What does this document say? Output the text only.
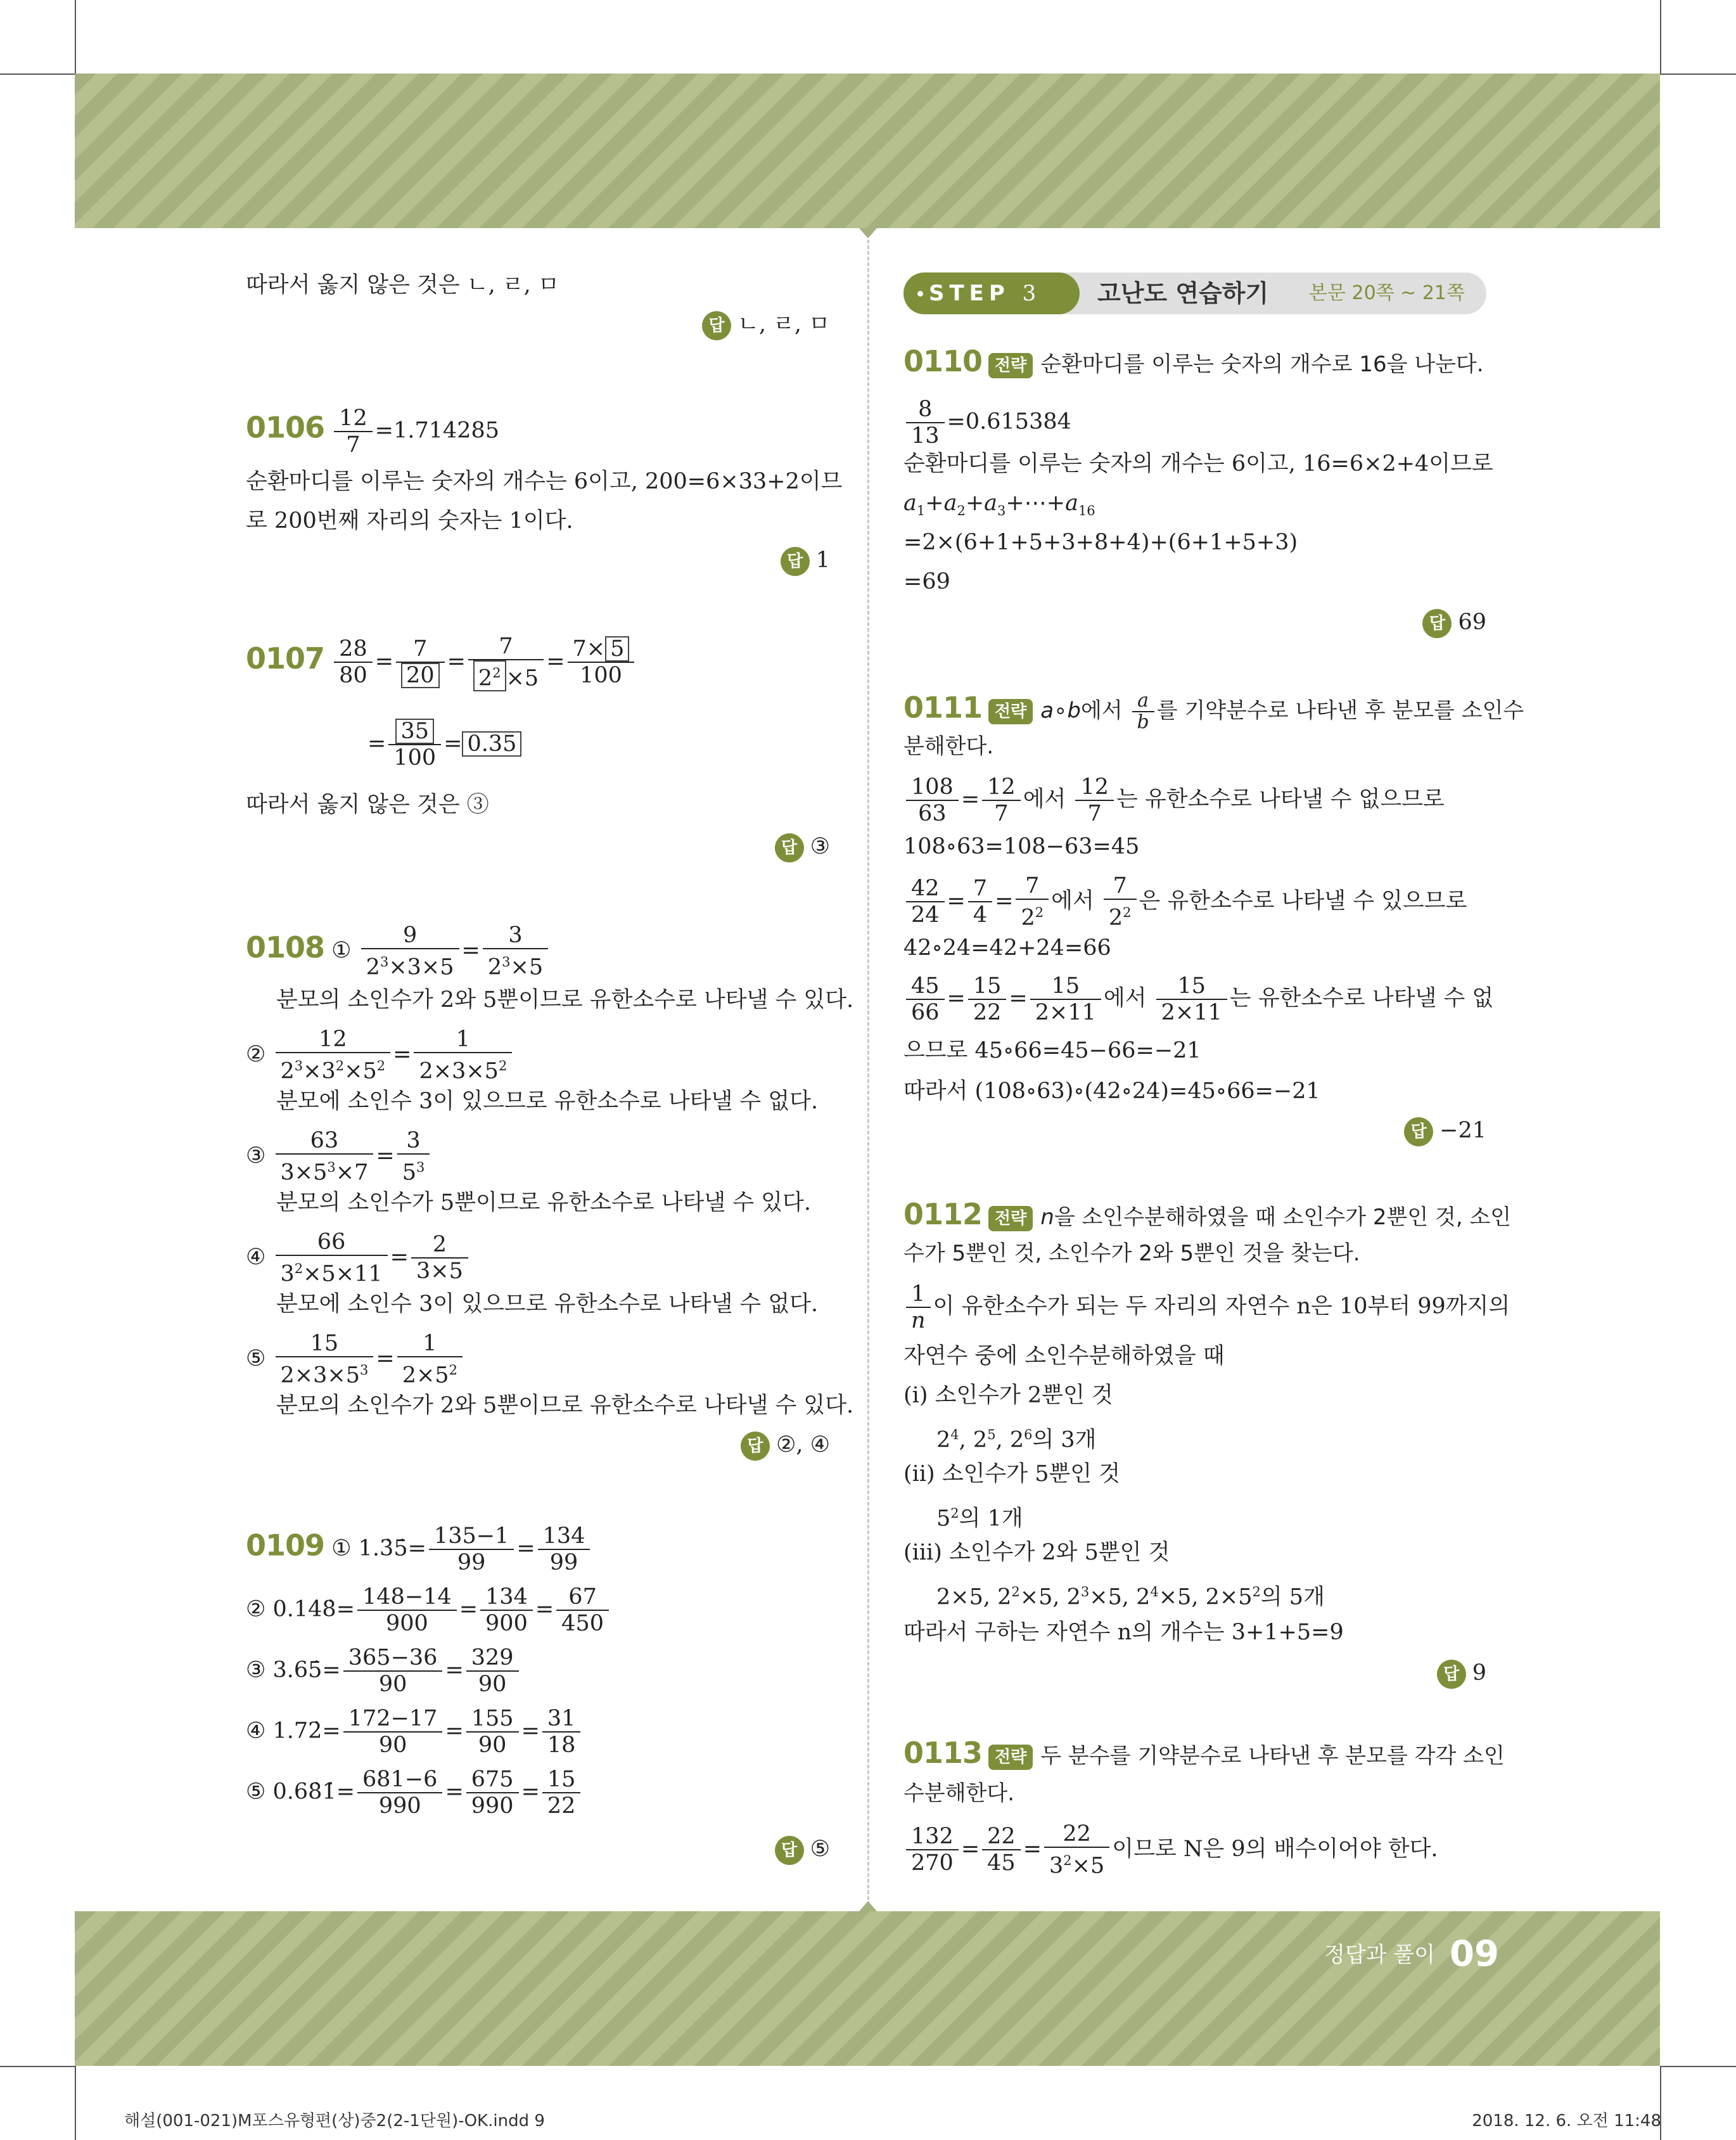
따라서 옳지 않은 것은 ㄴ, ㄹ, ㅁ
답 ㄴ, ㄹ, ㅁ
$0106 \frac{12}{7} =1.714285$
순환마디를 이루는 숫자의 개수는 6이고, 200=6×33+2이므
로 200번째 자리의 숫자는 1이다.
답 1
$0107 \frac{28}{80} = \frac{7}{20} = \frac{7}{2^2 \times 5} = \frac{7\times 5}{100}$
= $\frac{35}{100} = 0.35$
따라서 옳지 않은 것은 ③
답 ③
0108 ① $\frac{9}{2^3\times 3\times 5} = \frac{3}{2^3\times 5}$
분모의 소인수가 2와 5뿐이므로 유한소수로 나타낼 수 있다.
② $\frac{12}{2^3\times 3^2\times 5^2} = \frac{1}{2\times 3\times 5^2}$
분모에 소인수 3이 있으므로 유한소수로 나타낼 수 없다.
③ $\frac{63}{3\times 5^3\times 7} = \frac{3}{5^3}$
분모의 소인수가 5뿐이므로 유한소수로 나타낼 수 있다.
④ $\frac{66}{3^2\times 5\times 11} = \frac{2}{3\times 5}$
분모에 소인수 3이 있으므로 유한소수로 나타낼 수 없다.
⑤ $\frac{15}{2\times 3\times 5^3} = \frac{1}{2\times 5^2}$
분모의 소인수가 2와 5뿐이므로 유한소수로 나타낼 수 있다.
답 ②, ④
0109 ① 1.3̇5̇= $\frac{135-1}{99} = \frac{134}{99}$
② 0.14̇8̇= $\frac{148-14}{900} = \frac{134}{900} = \frac{67}{450}$
③ 3.65̇= $\frac{365-36}{90} = \frac{329}{90}$
④ 1.72̇= $\frac{172-17}{90} = \frac{155}{90} = \frac{31}{18}$
⑤ 0.68̇1̇= $\frac{681-6}{990} = \frac{675}{990} = \frac{15}{22}$
답 ⑤
STEP 3	고난도 연습하기 본문 20쪽 ~ 21쪽
0110 전략 순환마디를 이루는 숫자의 개수로 16을 나눈다.
$\frac{8}{13} =0.615384$
순환마디를 이루는 숫자의 개수는 6이고, 16=6×2+4이므로
$a_1+a_2+a_3+\cdots+a_{16}$
=2×(6+1+5+3+8+4)+(6+1+5+3)
=69
답 69
0111 전략 a∘b에서 $\frac{a}{b}$ 를 기약분수로 나타낸 후 분모를 소인수
분해한다.
$\frac{108}{63} = \frac{12}{7}$ 에서 $\frac{12}{7}$ 는 유한소수로 나타낼 수 없으므로
108∘63=108−63=45
$\frac{42}{24} = \frac{7}{4} = \frac{7}{2^2}$ 에서 $\frac{7}{2^2}$ 은 유한소수로 나타낼 수 있으므로
42∘24=42+24=66
$\frac{45}{66} = \frac{15}{22} = \frac{15}{2\times 11}$ 에서 $\frac{15}{2\times 11}$ 는 유한소수로 나타낼 수 없
으므로 45∘66=45−66=−21
따라서 (108∘63)∘(42∘24)=45∘66=−21
답 −21
0112 전략 n을 소인수분해하였을 때 소인수가 2뿐인 것, 소인
수가 5뿐인 것, 소인수가 2와 5뿐인 것을 찾는다.
$\frac{1}{n}$ 이 유한소수가 되는 두 자리의 자연수 n은 10부터 99까지의
자연수 중에 소인수분해하였을 때
(ⅰ) 소인수가 2뿐인 것
$2^4$, $2^5$, $2^6$의 3개
(ⅱ) 소인수가 5뿐인 것
$5^2$의 1개
(ⅲ) 소인수가 2와 5뿐인 것
2×5, $2^2\times 5$, $2^3\times 5$, $2^4\times 5$, $2\times 5^2$의 5개
따라서 구하는 자연수 n의 개수는 3+1+5=9
답 9
0113 전략 두 분수를 기약분수로 나타낸 후 분모를 각각 소인
수분해한다.
$\frac{132}{270} = \frac{22}{45} = \frac{22}{3^2\times 5}$ 이므로 N은 9의 배수이어야 한다.
정답과 풀이 09
해설(001-021)M포스유형편(상)중2(2-1단원)-OK.indd 9	2018. 12. 6. 오전 11:48
